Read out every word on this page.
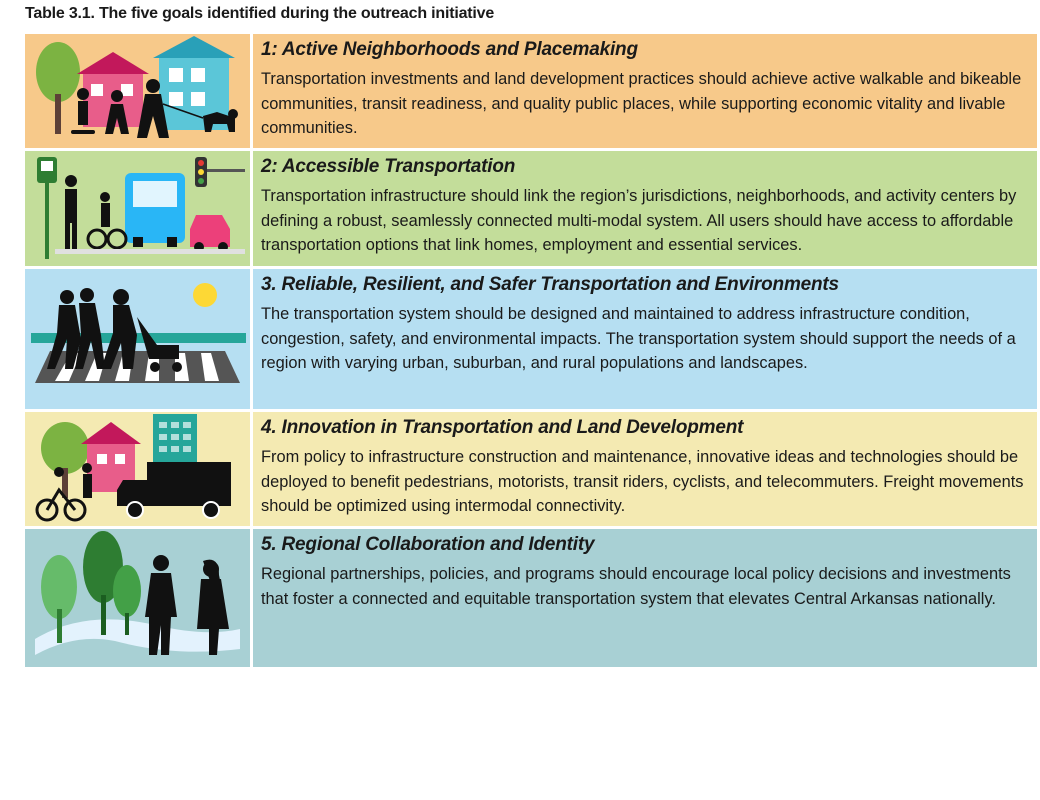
Table 3.1. The five goals identified during the outreach initiative
1: Active Neighborhoods and Placemaking

Transportation investments and land development practices should achieve active walkable and bikeable communities, transit readiness, and quality public places, while supporting economic vitality and livable communities.

2: Accessible Transportation

Transportation infrastructure should link the region’s jurisdictions, neighborhoods, and activity centers by defining a robust, seamlessly connected multi-modal system. All users should have access to affordable transportation options that link homes, employment and essential services.

3. Reliable, Resilient, and Safer Transportation and Environments

The transportation system should be designed and maintained to address infrastructure condition, congestion, safety, and environmental impacts. The transportation system should support the needs of a region with varying urban, suburban, and rural populations and landscapes.

4. Innovation in Transportation and Land Development

From policy to infrastructure construction and maintenance, innovative ideas and technologies should be deployed to benefit pedestrians, motorists, transit riders, cyclists, and telecommuters. Freight movements should be optimized using intermodal connectivity.

5. Regional Collaboration and Identity

Regional partnerships, policies, and programs should encourage local policy decisions and investments that foster a connected and equitable transportation system that elevates Central Arkansas nationally.
